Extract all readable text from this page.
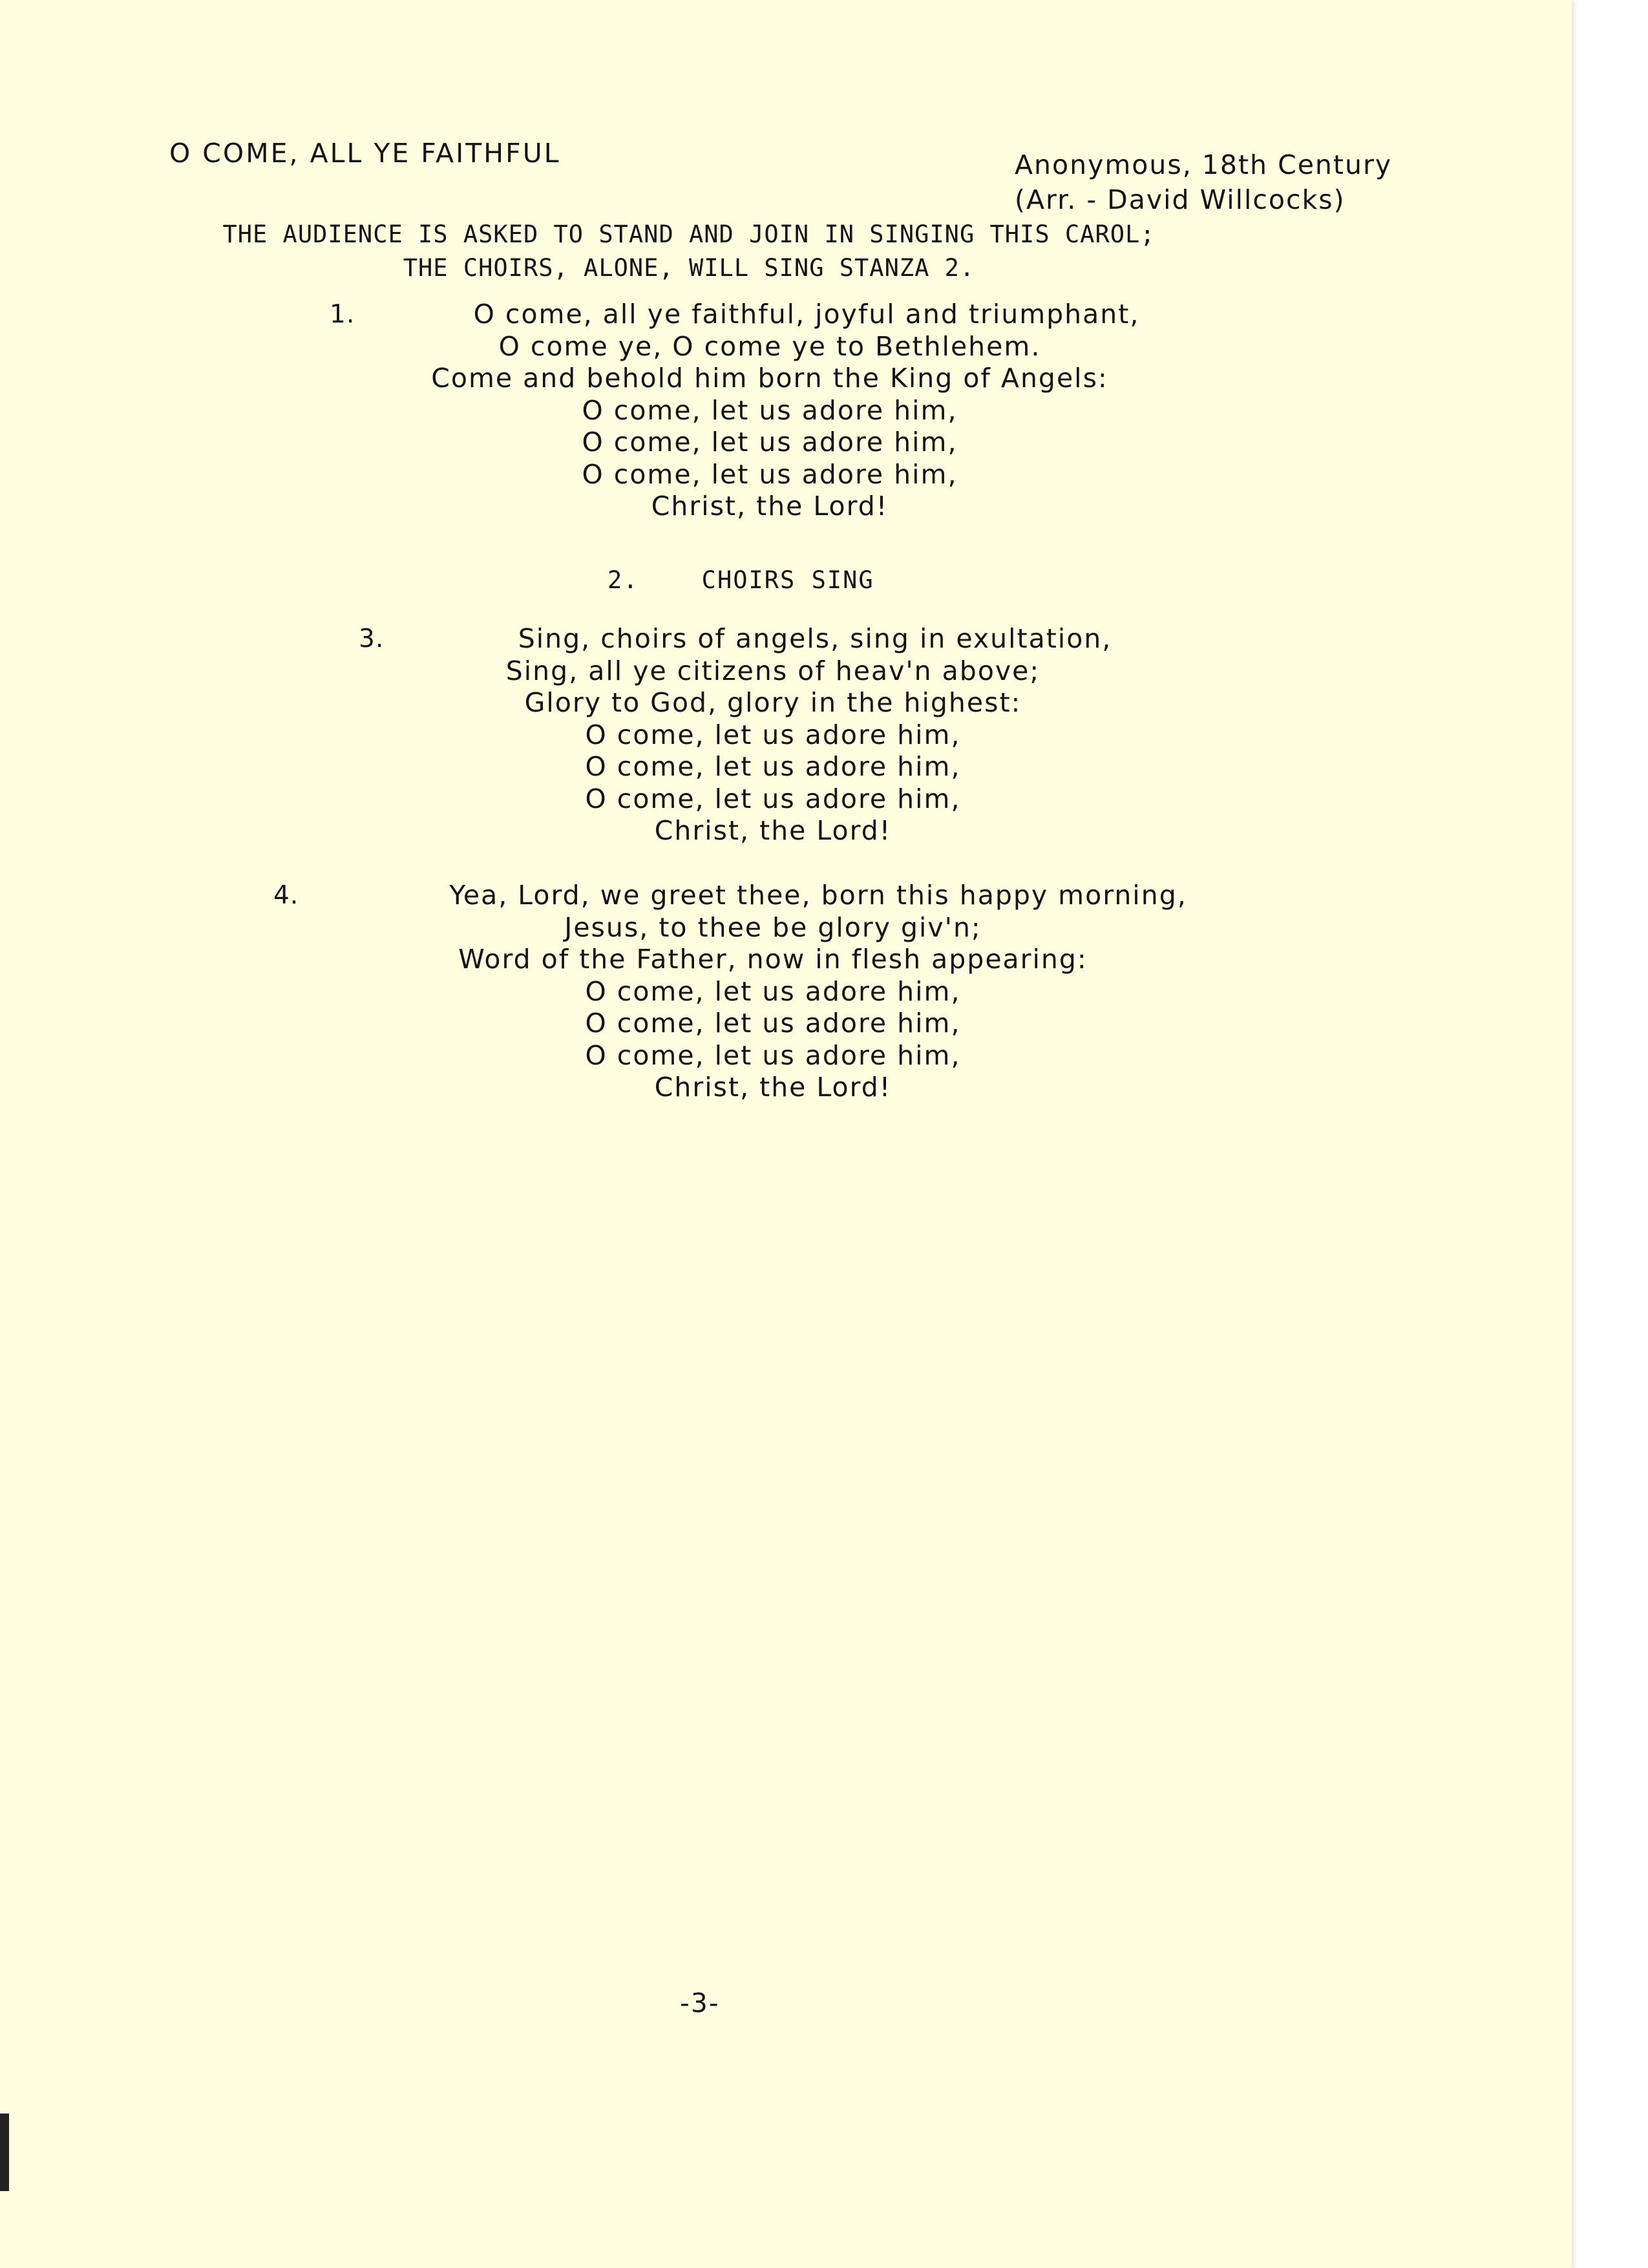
O COME, ALL YE FAITHFUL	Anonymous, 18th Century
(Arr. - David Willcocks)
THE AUDIENCE IS ASKED TO STAND AND JOIN IN SINGING THIS CAROL;
THE CHOIRS, ALONE, WILL SING STANZA 2.
1.	O come, all ye faithful, joyful and triumphant,
O come ye, O come ye to Bethlehem.
Come and behold him born the King of Angels:
O come, let us adore him,
O come, let us adore him,
O come, let us adore him,
Christ, the Lord!
2.	CHOIRS SING
3.	Sing, choirs of angels, sing in exultation,
Sing, all ye citizens of heav'n above;
Glory to God, glory in the highest:
O come, let us adore him,
O come, let us adore him,
O come, let us adore him,
Christ, the Lord!
4.	Yea, Lord, we greet thee, born this happy morning,
Jesus, to thee be glory giv'n;
Word of the Father, now in flesh appearing:
O come, let us adore him,
O come, let us adore him,
O come, let us adore him,
Christ, the Lord!
-3-
